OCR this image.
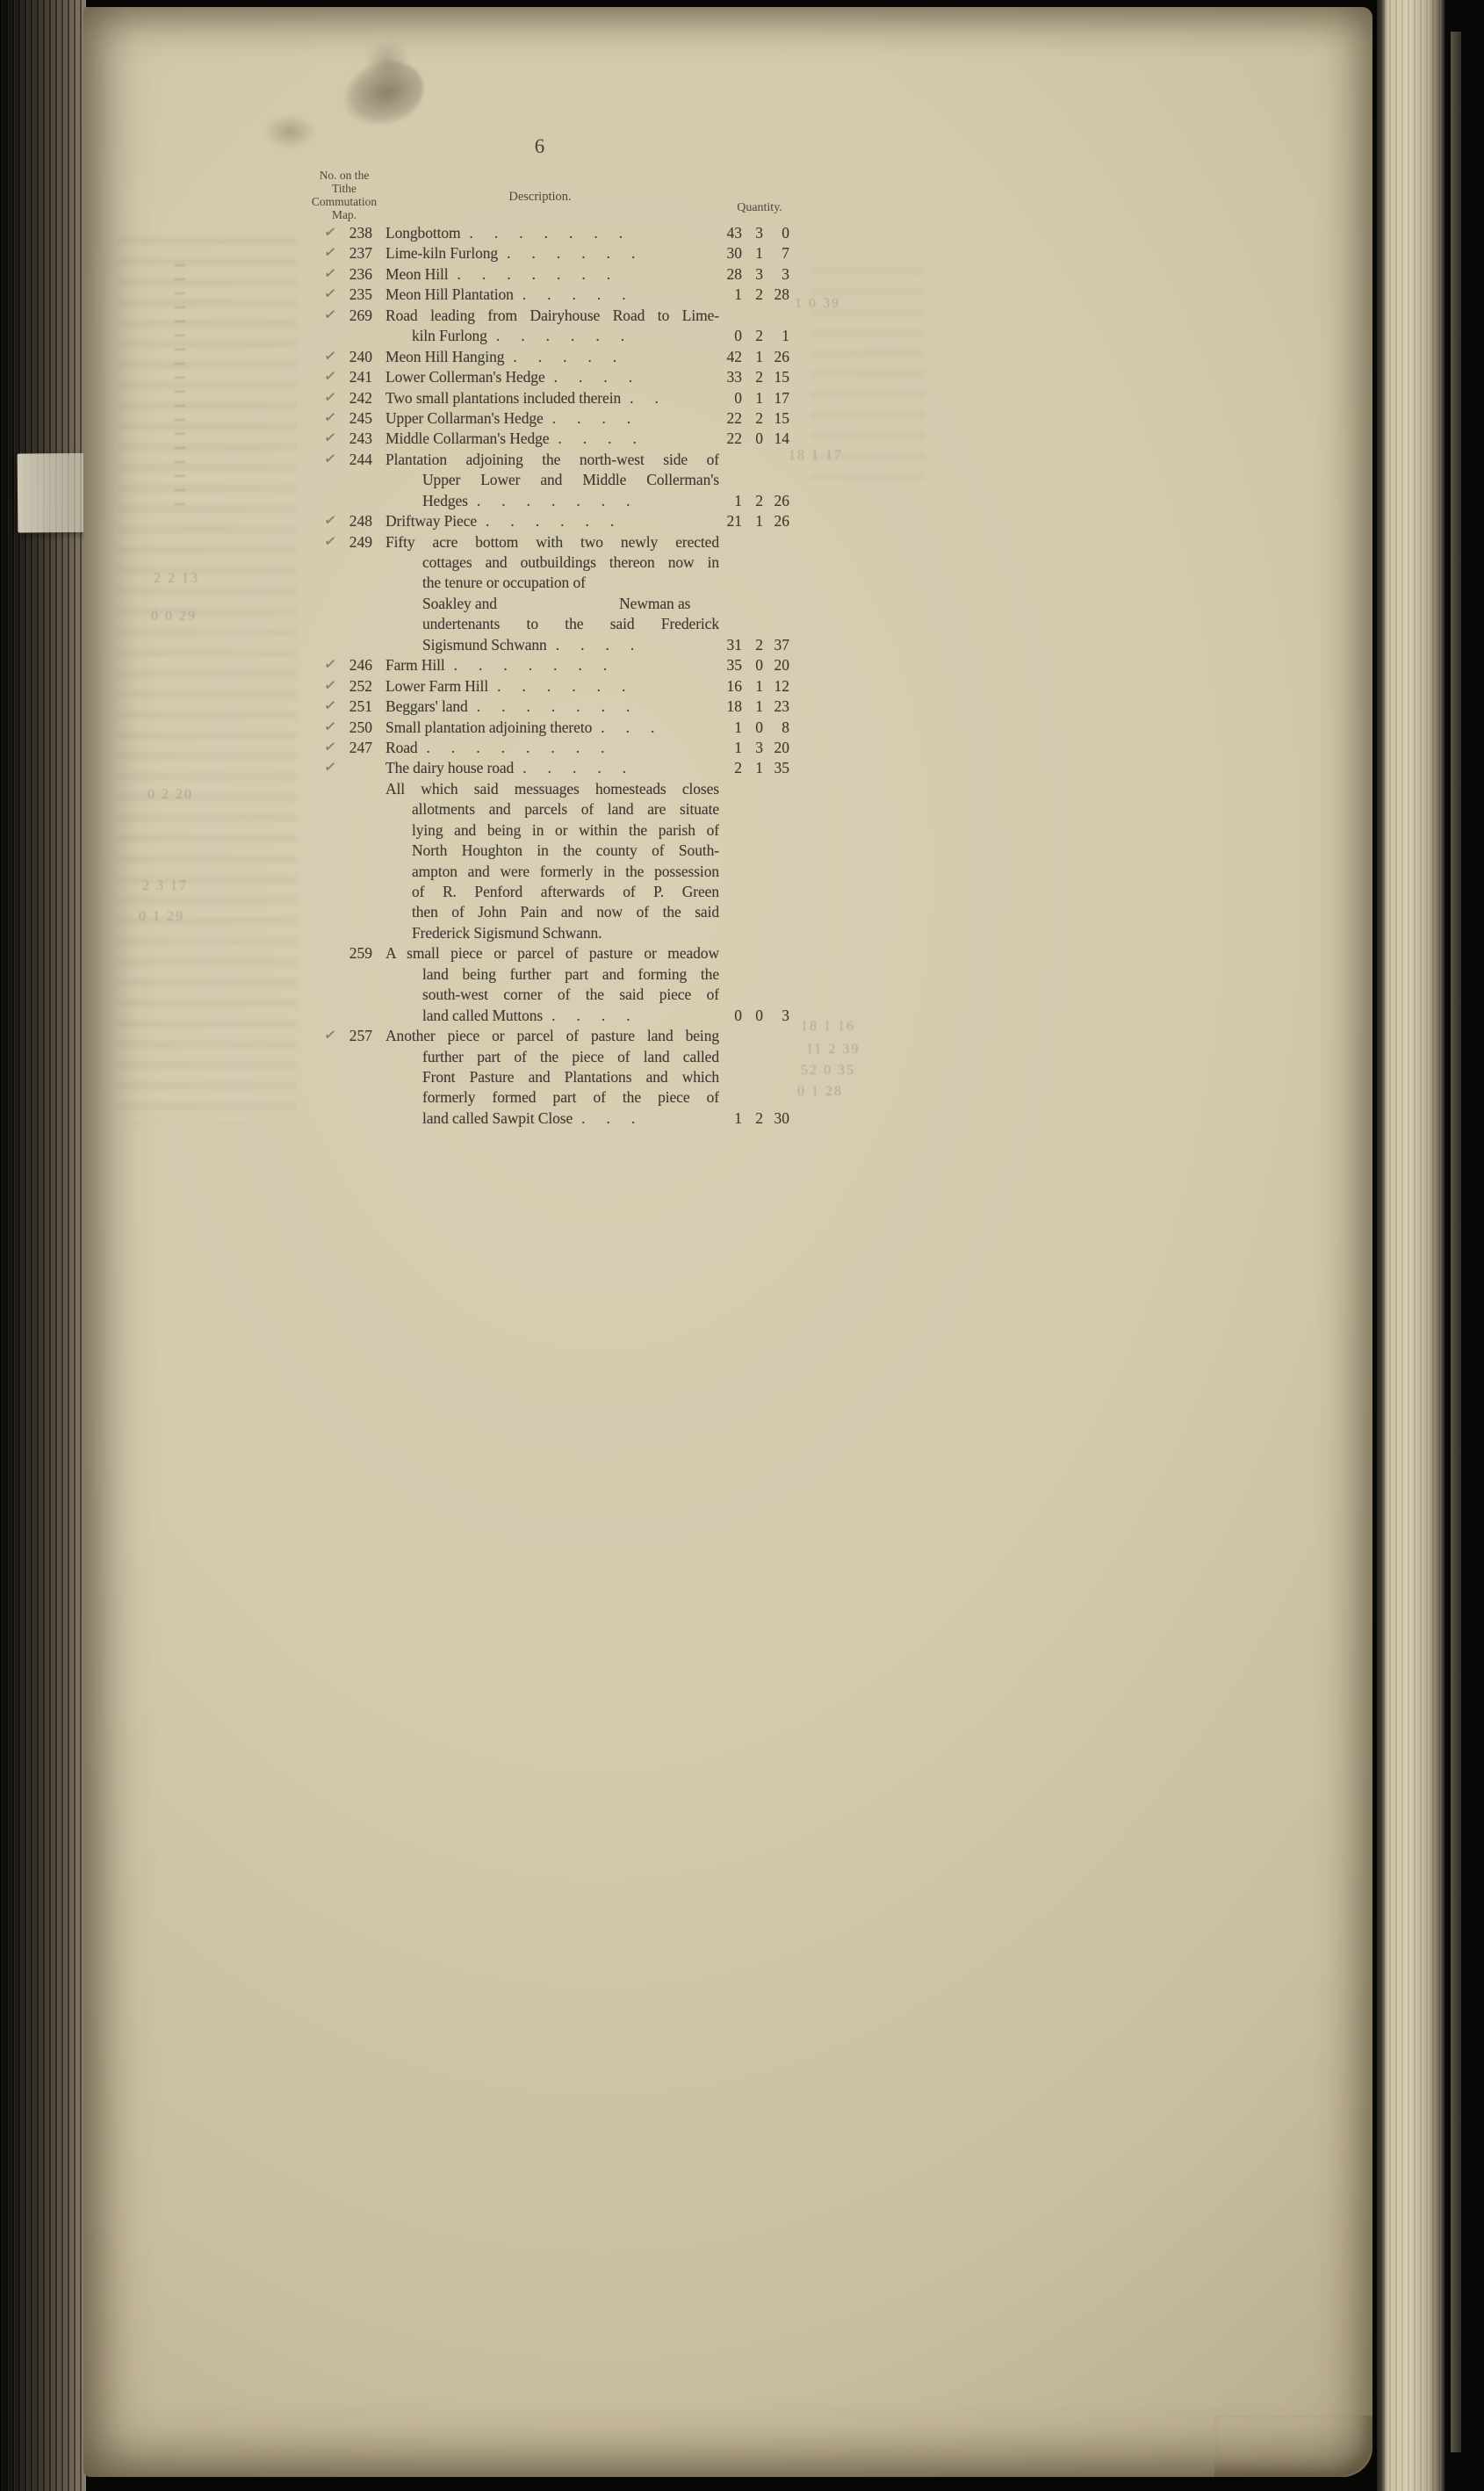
6
No. on the
Tithe
Commutation
Map.
Description.
Quantity.
✓ 238 Longbottom .......	43 3	0
✓ 237 Lime-kiln Furlong ......	30 1	7
✓ 236 Meon Hill .......	28 3	3
✓ 235 Meon Hill Plantation .....	1 2 28
✓ 269 Road leading from Dairyhouse Road to Lime-
kiln Furlong ......	0 2	1
✓ 240 Meon Hill Hanging .....	42 1 26
✓ 241 Lower Collerman's Hedge ....	33 2 15
✓ 242 Two small plantations included therein ..	0 1 17
✓ 245 Upper Collarman's Hedge ....	22 2 15
✓ 243 Middle Collarman's Hedge ....	22 0 14
✓ 244 Plantation adjoining the north-west side of
Upper Lower and Middle Collerman's
Hedges .......	1 2 26
✓ 248 Driftway Piece ......	21 1 26
✓ 249 Fifty acre bottom with two newly erected
cottages and outbuildings thereon now in
the tenure or occupation of
Soakley and        Newman as
undertenants to the said Frederick
Sigismund Schwann ....	31 2 37
✓ 246 Farm Hill .......	35 0 20
✓ 252 Lower Farm Hill ......	16 1 12
✓ 251 Beggars' land .......	18 1 23
✓ 250 Small plantation adjoining thereto ...	1 0	8
✓ 247 Road ........	1 3 20
✓	The dairy house road .....	2 1 35
All which said messuages homesteads closes
allotments and parcels of land are situate
lying and being in or within the parish of
North Houghton in the county of South-
ampton and were formerly in the possession
of R. Penford afterwards of P. Green
then of John Pain and now of the said
Frederick Sigismund Schwann.
259 A small piece or parcel of pasture or meadow
land being further part and forming the
south-west corner of the said piece of
land called Muttons ....	0 0	3
✓ 257 Another piece or parcel of pasture land being
further part of the piece of land called
Front Pasture and Plantations and which
formerly formed part of the piece of
land called Sawpit Close ...	1 2 30
1 0 39
18 1 17
2 2 13
0 0 29
0 2 20
2 3 17
0 1 29
18 1 16
11 2 39
52 0 35
0 1 28
